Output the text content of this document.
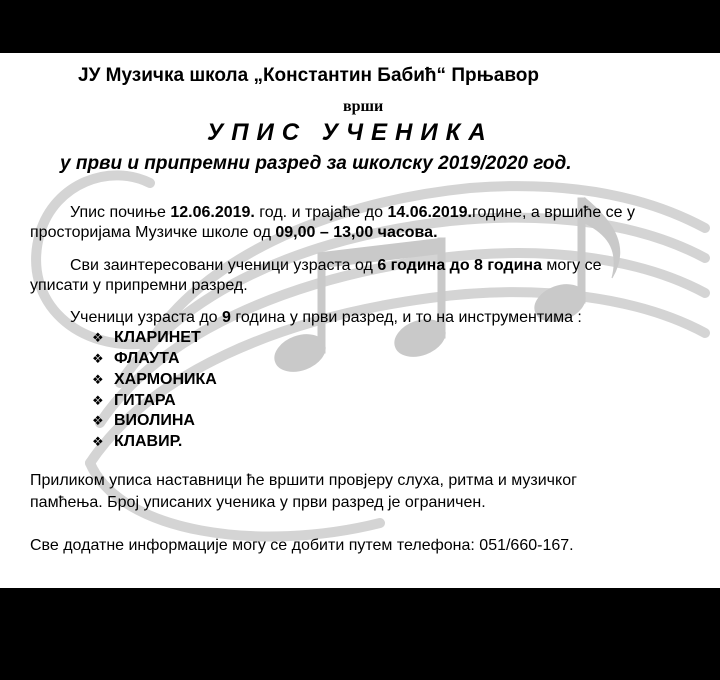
ЈУ Музичка школа „Константин Бабић“ Прњавор
врши
УПИС УЧЕНИКА
у први и припремни разред за школску 2019/2020 год.
Упис почиње 12.06.2019. год. и трајаће до 14.06.2019.године, а вршиће се у
просторијама Музичке школе од 09,00 – 13,00 часова.
Сви заинтересовани ученици узраста од 6 година до 8 година могу се
уписати у припремни разред.
Ученици узраста до 9 година у први разред, и то на инструментима :
❖ КЛАРИНЕТ
❖ ФЛАУТА
❖ ХАРМОНИКА
❖ ГИТАРА
❖ ВИОЛИНА
❖ КЛАВИР.
Приликом уписа наставници ће вршити провјеру слуха, ритма и музичког
памћења. Број уписаних ученика у први разред је ограничен.
Све додатне информације могу се добити путем телефона: 051/660-167.
